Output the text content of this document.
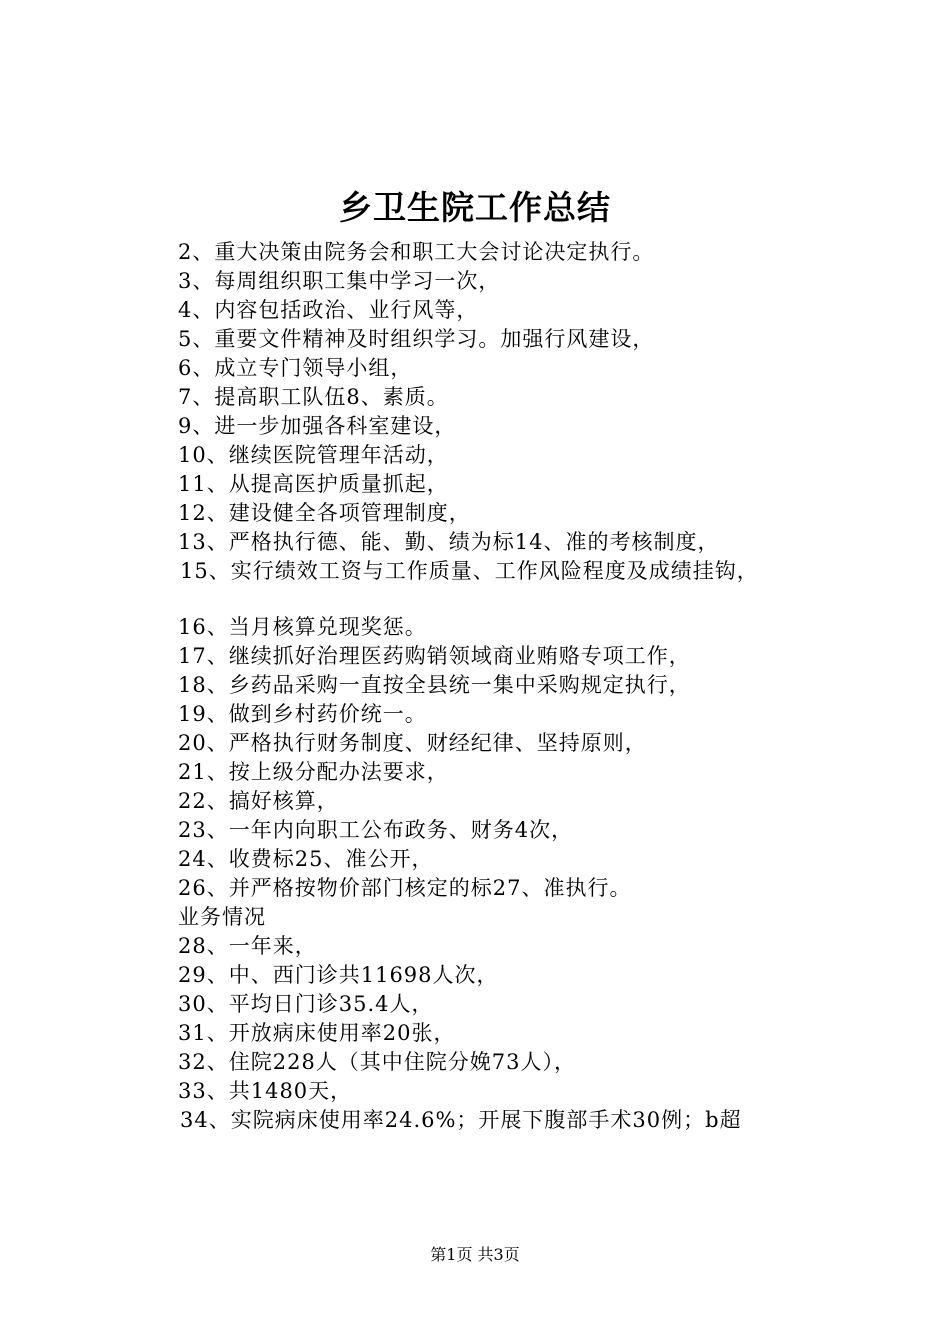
乡卫生院工作总结
2、重大决策由院务会和职工大会讨论决定执行。
3、每周组织职工集中学习一次，
4、内容包括政治、业行风等，
5、重要文件精神及时组织学习。加强行风建设，
6、成立专门领导小组，
7、提高职工队伍8、素质。
9、进一步加强各科室建设，
10、继续医院管理年活动，
11、从提高医护质量抓起，
12、建设健全各项管理制度，
13、严格执行德、能、勤、绩为标14、准的考核制度，
15、实行绩效工资与工作质量、工作风险程度及成绩挂钩，
16、当月核算兑现奖惩。
17、继续抓好治理医药购销领域商业贿赂专项工作，
18、乡药品采购一直按全县统一集中采购规定执行，
19、做到乡村药价统一。
20、严格执行财务制度、财经纪律、坚持原则，
21、按上级分配办法要求，
22、搞好核算，
23、一年内向职工公布政务、财务4次，
24、收费标25、准公开，
26、并严格按物价部门核定的标27、准执行。
业务情况
28、一年来，
29、中、西门诊共11698人次，
30、平均日门诊35.4人，
31、开放病床使用率20张，
32、住院228人（其中住院分娩73人），
33、共1480天，
34、实院病床使用率24.6%；开展下腹部手术30例；b超
第1页 共3页
